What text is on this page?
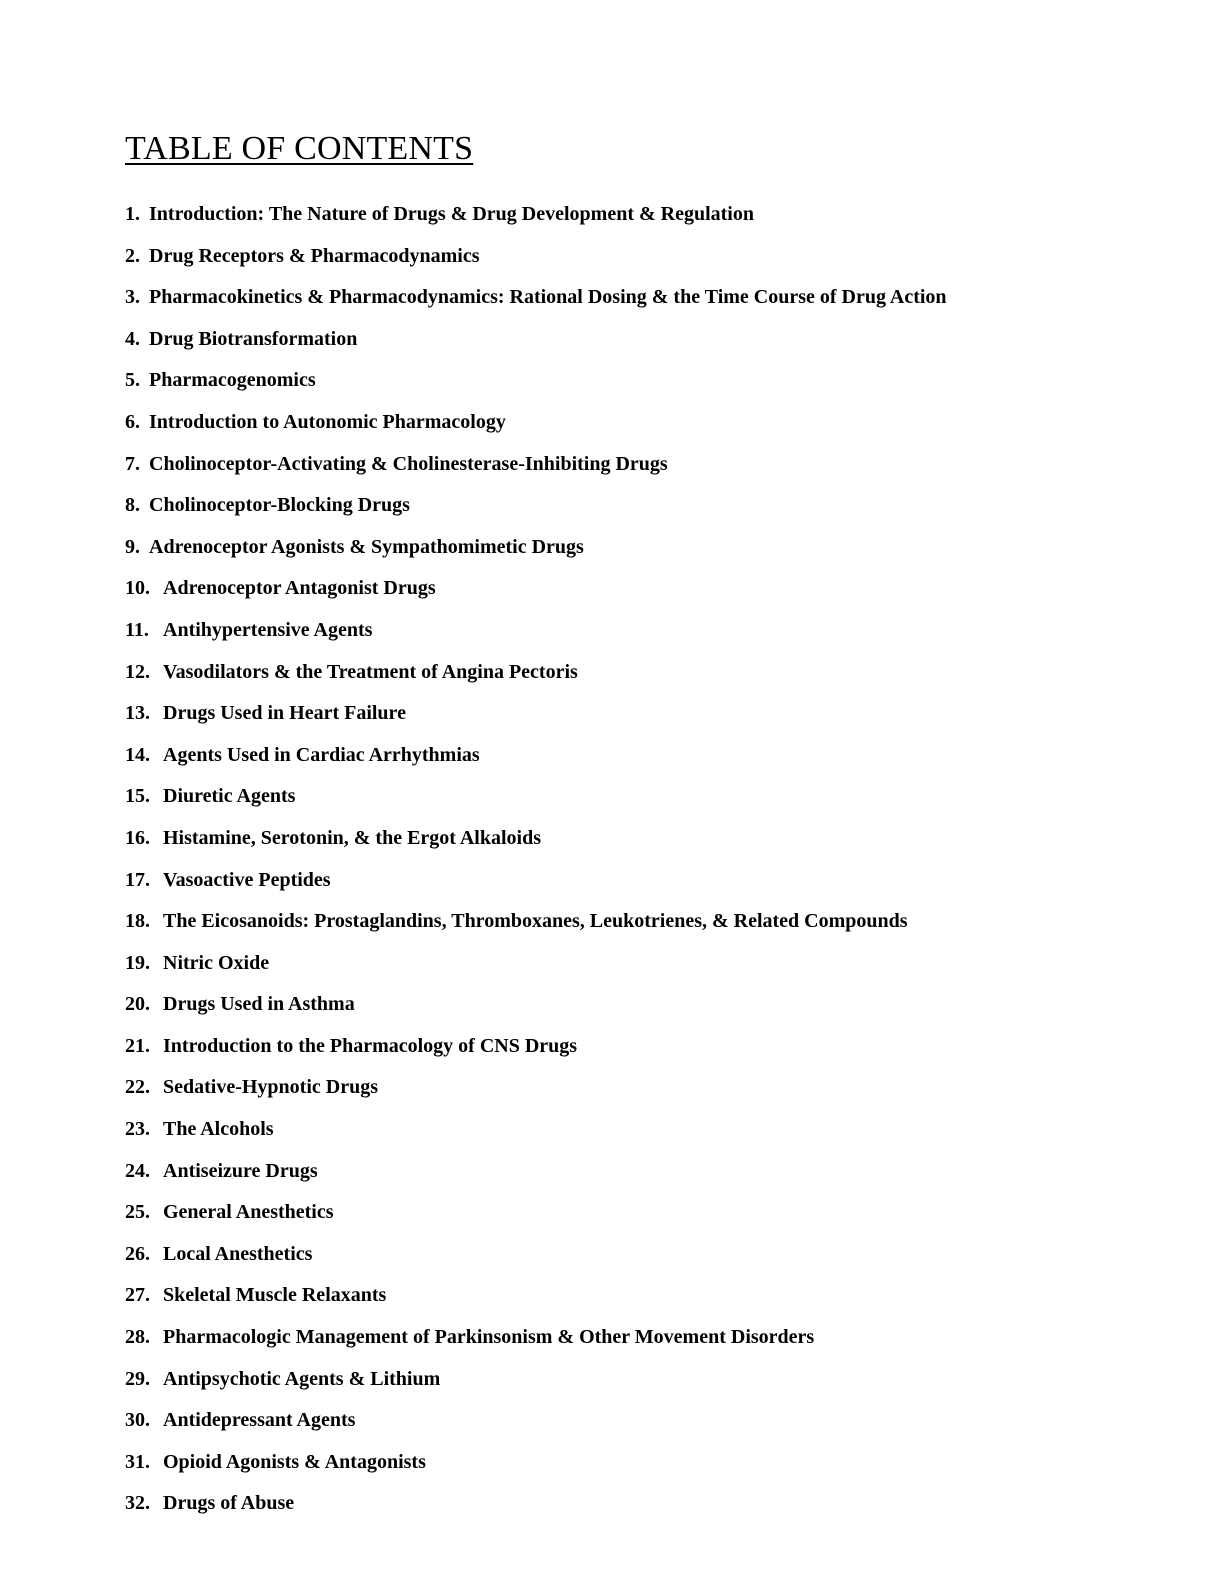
TABLE OF CONTENTS
1. Introduction: The Nature of Drugs & Drug Development & Regulation
2. Drug Receptors & Pharmacodynamics
3. Pharmacokinetics & Pharmacodynamics: Rational Dosing & the Time Course of Drug Action
4. Drug Biotransformation
5. Pharmacogenomics
6. Introduction to Autonomic Pharmacology
7. Cholinoceptor-Activating & Cholinesterase-Inhibiting Drugs
8. Cholinoceptor-Blocking Drugs
9. Adrenoceptor Agonists & Sympathomimetic Drugs
10. Adrenoceptor Antagonist Drugs
11. Antihypertensive Agents
12. Vasodilators & the Treatment of Angina Pectoris
13. Drugs Used in Heart Failure
14. Agents Used in Cardiac Arrhythmias
15. Diuretic Agents
16. Histamine, Serotonin, & the Ergot Alkaloids
17. Vasoactive Peptides
18. The Eicosanoids: Prostaglandins, Thromboxanes, Leukotrienes, & Related Compounds
19. Nitric Oxide
20. Drugs Used in Asthma
21. Introduction to the Pharmacology of CNS Drugs
22. Sedative-Hypnotic Drugs
23. The Alcohols
24. Antiseizure Drugs
25. General Anesthetics
26. Local Anesthetics
27. Skeletal Muscle Relaxants
28. Pharmacologic Management of Parkinsonism & Other Movement Disorders
29. Antipsychotic Agents & Lithium
30. Antidepressant Agents
31. Opioid Agonists & Antagonists
32. Drugs of Abuse
